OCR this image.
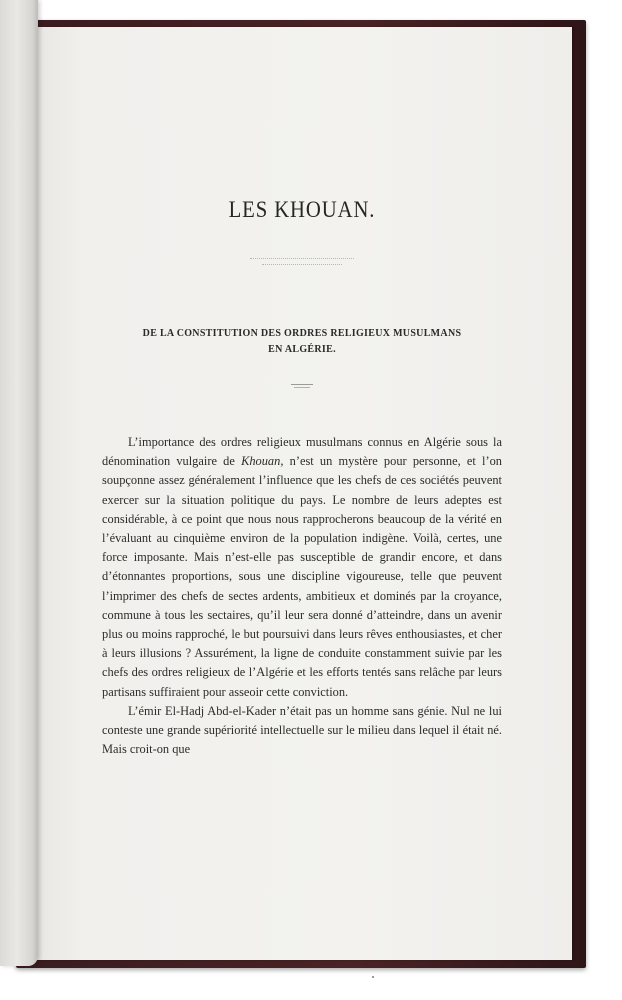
LES KHOUAN.
DE LA CONSTITUTION DES ORDRES RELIGIEUX MUSULMANS
EN ALGÉRIE.

L’importance des ordres religieux musulmans connus en Algérie sous la dénomination vulgaire de Khouan, n’est un mystère pour personne, et l’on soupçonne assez généralement l’influence que les chefs de ces sociétés peuvent exercer sur la situation politique du pays. Le nombre de leurs adeptes est considérable, à ce point que nous nous rapprocherons beaucoup de la vérité en l’évaluant au cinquième environ de la population indigène. Voilà, certes, une force imposante. Mais n’est-elle pas susceptible de grandir encore, et dans d’étonnantes proportions, sous une discipline vigoureuse, telle que peuvent l’imprimer des chefs de sectes ardents, ambitieux et dominés par la croyance, commune à tous les sectaires, qu’il leur sera donné d’atteindre, dans un avenir plus ou moins rapproché, le but poursuivi dans leurs rêves enthousiastes, et cher à leurs illusions ? Assurément, la ligne de conduite constamment suivie par les chefs des ordres religieux de l’Algérie et les efforts tentés sans relâche par leurs partisans suffiraient pour asseoir cette conviction.

L’émir El-Hadj Abd-el-Kader n’était pas un homme sans génie. Nul ne lui conteste une grande supériorité intellectuelle sur le milieu dans lequel il était né. Mais croit-on que
